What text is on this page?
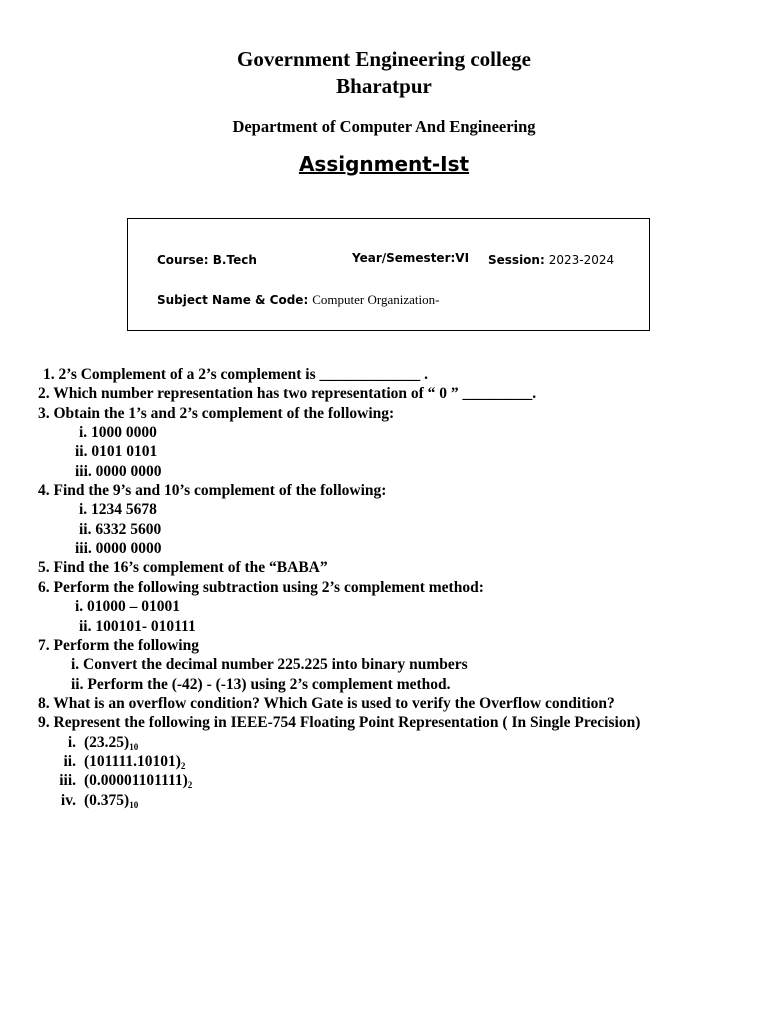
Government Engineering college
Bharatpur
Department of Computer And Engineering
Assignment-Ist
Course: B.Tech	Year/Semester:VI Session: 2023-2024
Subject Name & Code: Computer Organization-
1. 2’s Complement of a 2’s complement is _____________ .
2. Which number representation has two representation of “ 0 ” _________.
3. Obtain the 1’s and 2’s complement of the following:
i. 1000 0000
ii. 0101 0101
iii. 0000 0000
4. Find the 9’s and 10’s complement of the following:
i. 1234 5678
ii. 6332 5600
iii. 0000 0000
5. Find the 16’s complement of the “BABA”
6. Perform the following subtraction using 2’s complement method:
i. 01000 – 01001
ii. 100101- 010111
7. Perform the following
i. Convert the decimal number 225.225 into binary numbers
ii. Perform the (-42) - (-13) using 2’s complement method.
8. What is an overflow condition? Which Gate is used to verify the Overflow condition?
9. Represent the following in IEEE-754 Floating Point Representation ( In Single Precision)
i. $(23.25)_{10}$
ii. $(101111.10101)_2$
iii. $(0.00001101111)_2$
iv. $(0.375)_{10}$
